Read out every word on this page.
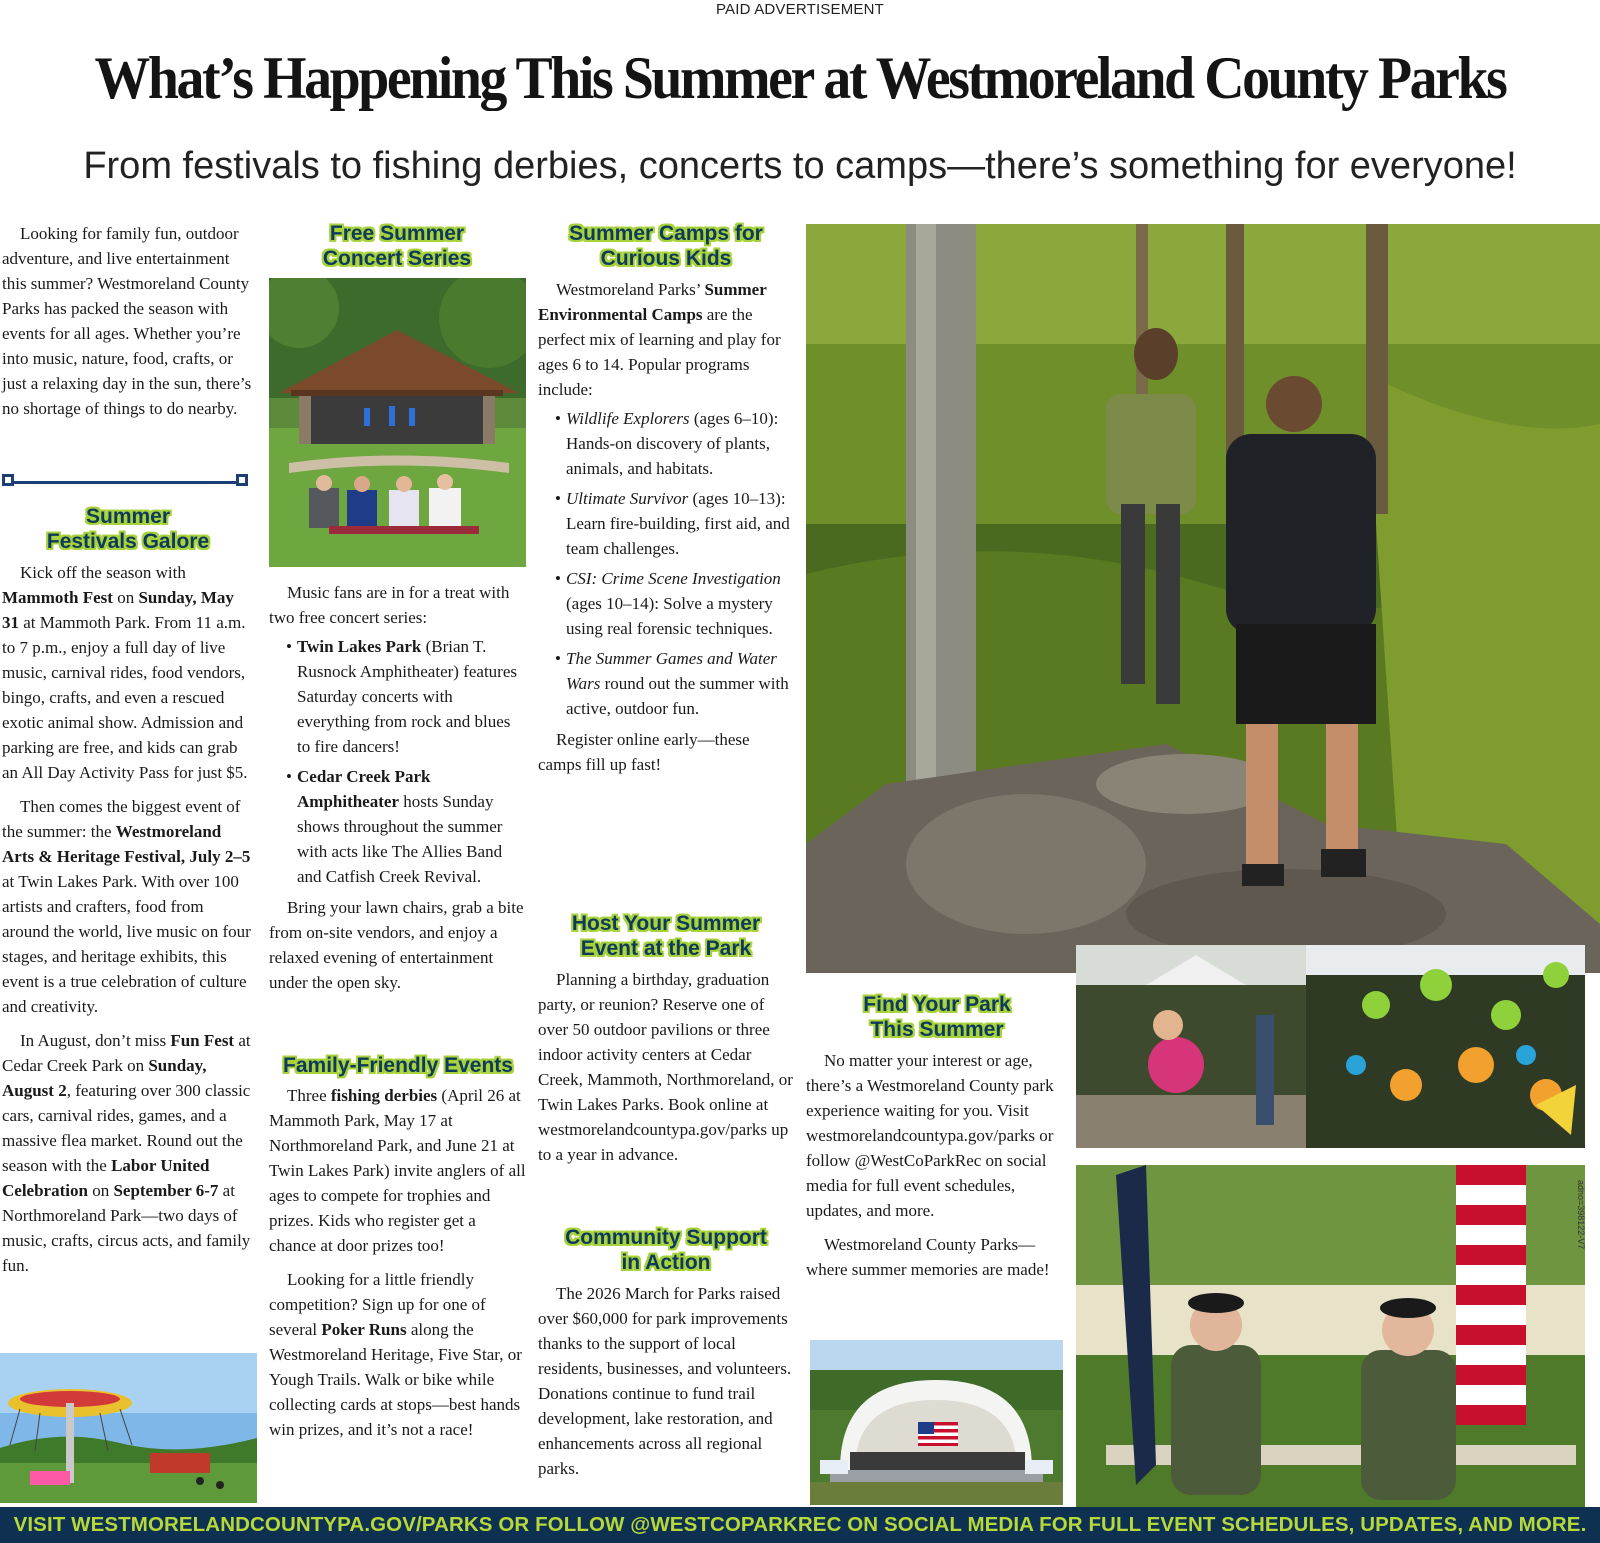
PAID ADVERTISEMENT
What’s Happening This Summer at Westmoreland County Parks
From festivals to fishing derbies, concerts to camps—there’s something for everyone!

Looking for family fun, outdoor adventure, and live entertainment this summer? Westmoreland County Parks has packed the season with events for all ages. Whether you’re into music, nature, food, crafts, or just a relaxing day in the sun, there’s no shortage of things to do nearby.

Summer Festivals Galore

Kick off the season with Mammoth Fest on Sunday, May 31 at Mammoth Park. From 11 a.m. to 7 p.m., enjoy a full day of live music, carnival rides, food vendors, bingo, crafts, and even a rescued exotic animal show. Admission and parking are free, and kids can grab an All Day Activity Pass for just $5.

Then comes the biggest event of the summer: the Westmoreland Arts & Heritage Festival, July 2–5 at Twin Lakes Park. With over 100 artists and crafters, food from around the world, live music on four stages, and heritage exhibits, this event is a true celebration of culture and creativity.

In August, don’t miss Fun Fest at Cedar Creek Park on Sunday, August 2, featuring over 300 classic cars, carnival rides, games, and a massive flea market. Round out the season with the Labor United Celebration on September 6-7 at Northmoreland Park—two days of music, crafts, circus acts, and family fun.

Free Summer Concert Series

Music fans are in for a treat with two free concert series:

• Twin Lakes Park (Brian T. Rusnock Amphitheater) features Saturday concerts with everything from rock and blues to fire dancers!
• Cedar Creek Park Amphitheater hosts Sunday shows throughout the summer with acts like The Allies Band and Catfish Creek Revival.

Bring your lawn chairs, grab a bite from on-site vendors, and enjoy a relaxed evening of entertainment under the open sky.

Family-Friendly Events

Three fishing derbies (April 26 at Mammoth Park, May 17 at Northmoreland Park, and June 21 at Twin Lakes Park) invite anglers of all ages to compete for trophies and prizes. Kids who register get a chance at door prizes too!

Looking for a little friendly competition? Sign up for one of several Poker Runs along the Westmoreland Heritage, Five Star, or Yough Trails. Walk or bike while collecting cards at stops—best hands win prizes, and it’s not a race!

Summer Camps for Curious Kids

Westmoreland Parks’ Summer Environmental Camps are the perfect mix of learning and play for ages 6 to 14. Popular programs include:

• Wildlife Explorers (ages 6–10): Hands-on discovery of plants, animals, and habitats.
• Ultimate Survivor (ages 10–13): Learn fire-building, first aid, and team challenges.
• CSI: Crime Scene Investigation (ages 10–14): Solve a mystery using real forensic techniques.
• The Summer Games and Water Wars round out the summer with active, outdoor fun.

Register online early—these camps fill up fast!

Host Your Summer Event at the Park

Planning a birthday, graduation party, or reunion? Reserve one of over 50 outdoor pavilions or three indoor activity centers at Cedar Creek, Mammoth, Northmoreland, or Twin Lakes Parks. Book online at westmorelandcountypa.gov/parks up to a year in advance.

Community Support in Action

The 2026 March for Parks raised over $60,000 for park improvements thanks to the support of local residents, businesses, and volunteers. Donations continue to fund trail development, lake restoration, and enhancements across all regional parks.

Find Your Park This Summer

No matter your interest or age, there’s a Westmoreland County park experience waiting for you. Visit westmorelandcountypa.gov/parks or follow @WestCoParkRec on social media for full event schedules, updates, and more.

Westmoreland County Parks—where summer memories are made!

adno=398122-V7
VISIT WESTMORELANDCOUNTYPA.GOV/PARKS OR FOLLOW @WESTCOPARKREC ON SOCIAL MEDIA FOR FULL EVENT SCHEDULES, UPDATES, AND MORE.
